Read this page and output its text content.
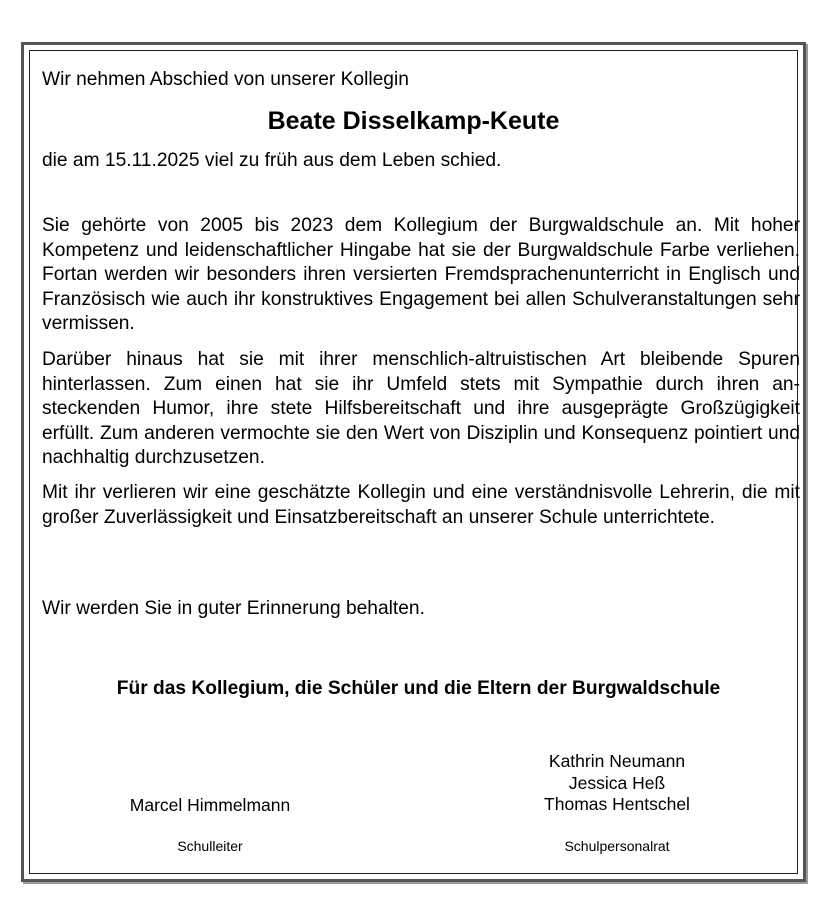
Wir nehmen Abschied von unserer Kollegin

Beate Disselkamp-Keute

die am 15.11.2025 viel zu früh aus dem Leben schied.

Sie gehörte von 2005 bis 2023 dem Kollegium der Burgwaldschule an. Mit hoher Kompetenz und leidenschaftlicher Hingabe hat sie der Burgwaldschule Farbe verliehen. Fortan werden wir besonders ihren versierten Fremdsprachenunterricht in Englisch und Französisch wie auch ihr konstruktives Engagement bei allen Schulveranstaltungen sehr vermissen.

Darüber hinaus hat sie mit ihrer menschlich-altruistischen Art bleibende Spuren hinterlassen. Zum einen hat sie ihr Umfeld stets mit Sympathie durch ihren ansteckenden Humor, ihre stete Hilfsbereitschaft und ihre ausgeprägte Großzügigkeit erfüllt. Zum anderen vermochte sie den Wert von Disziplin und Konsequenz pointiert und nachhaltig durchzusetzen.

Mit ihr verlieren wir eine geschätzte Kollegin und eine verständnisvolle Lehrerin, die mit großer Zuverlässigkeit und Einsatzbereitschaft an unserer Schule unterrichtete.

Wir werden Sie in guter Erinnerung behalten.

Für das Kollegium, die Schüler und die Eltern der Burgwaldschule

Marcel Himmelmann
Kathrin Neumann
Jessica Heß
Thomas Hentschel
Schulleiter	Schulpersonalrat
